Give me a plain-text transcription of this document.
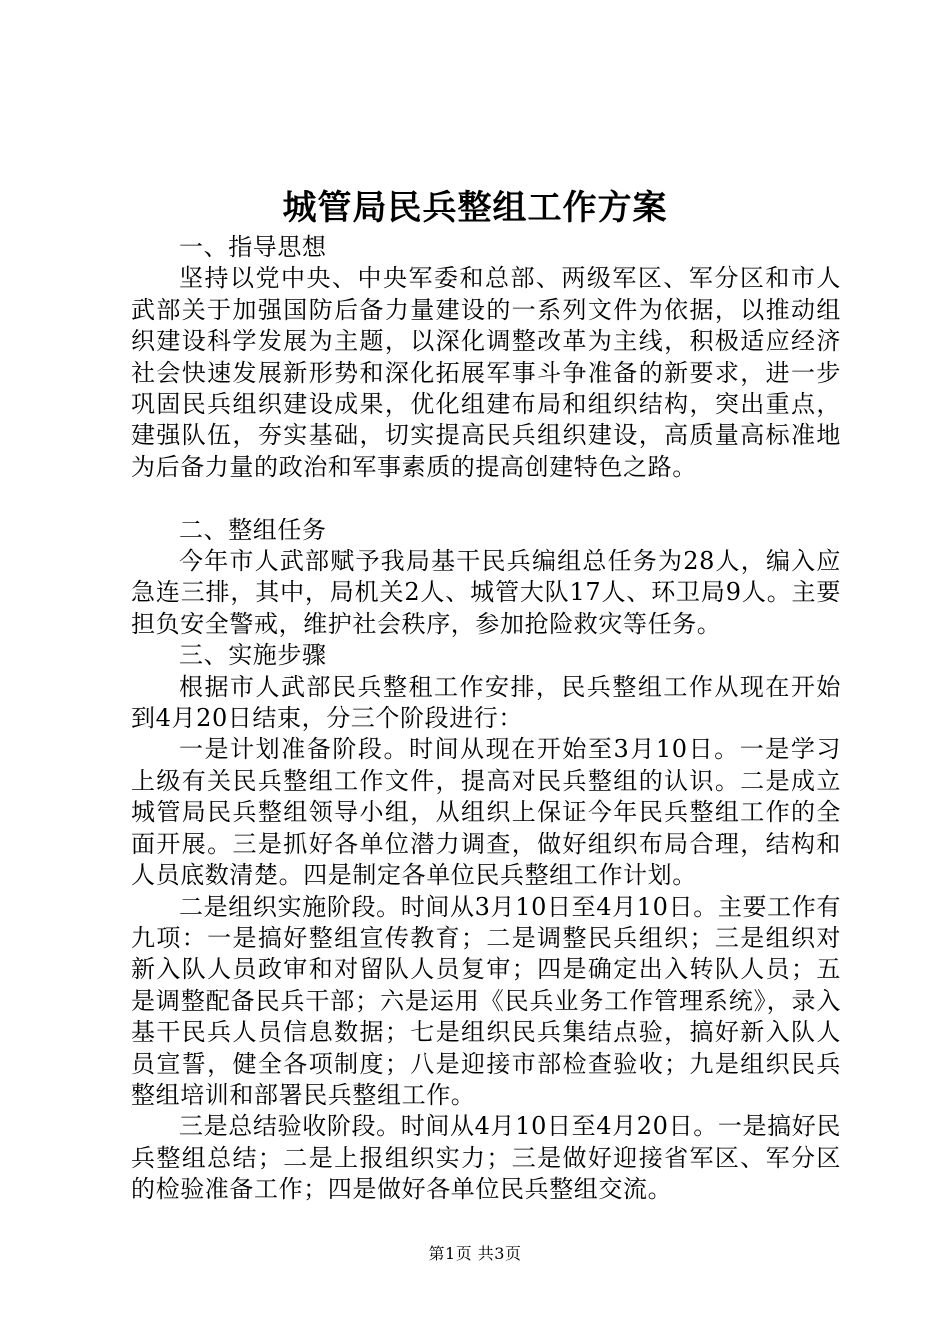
城管局民兵整组工作方案

一、指导思想

坚持以党中央、中央军委和总部、两级军区、军分区和市人武部关于加强国防后备力量建设的一系列文件为依据，以推动组织建设科学发展为主题，以深化调整改革为主线，积极适应经济社会快速发展新形势和深化拓展军事斗争准备的新要求，进一步巩固民兵组织建设成果，优化组建布局和组织结构，突出重点，建强队伍，夯实基础，切实提高民兵组织建设，高质量高标准地为后备力量的政治和军事素质的提高创建特色之路。

二、整组任务

今年市人武部赋予我局基干民兵编组总任务为28人，编入应急连三排，其中，局机关2人、城管大队17人、环卫局9人。主要担负安全警戒，维护社会秩序，参加抢险救灾等任务。

三、实施步骤

根据市人武部民兵整租工作安排，民兵整组工作从现在开始到4月20日结束，分三个阶段进行：

一是计划准备阶段。时间从现在开始至3月10日。一是学习上级有关民兵整组工作文件，提高对民兵整组的认识。二是成立城管局民兵整组领导小组，从组织上保证今年民兵整组工作的全面开展。三是抓好各单位潜力调查，做好组织布局合理，结构和人员底数清楚。四是制定各单位民兵整组工作计划。

二是组织实施阶段。时间从3月10日至4月10日。主要工作有九项：一是搞好整组宣传教育；二是调整民兵组织；三是组织对新入队人员政审和对留队人员复审；四是确定出入转队人员；五是调整配备民兵干部；六是运用《民兵业务工作管理系统》，录入基干民兵人员信息数据；七是组织民兵集结点验，搞好新入队人员宣誓，健全各项制度；八是迎接市部检查验收；九是组织民兵整组培训和部署民兵整组工作。

三是总结验收阶段。时间从4月10日至4月20日。一是搞好民兵整组总结；二是上报组织实力；三是做好迎接省军区、军分区的检验准备工作；四是做好各单位民兵整组交流。

第1页 共3页
